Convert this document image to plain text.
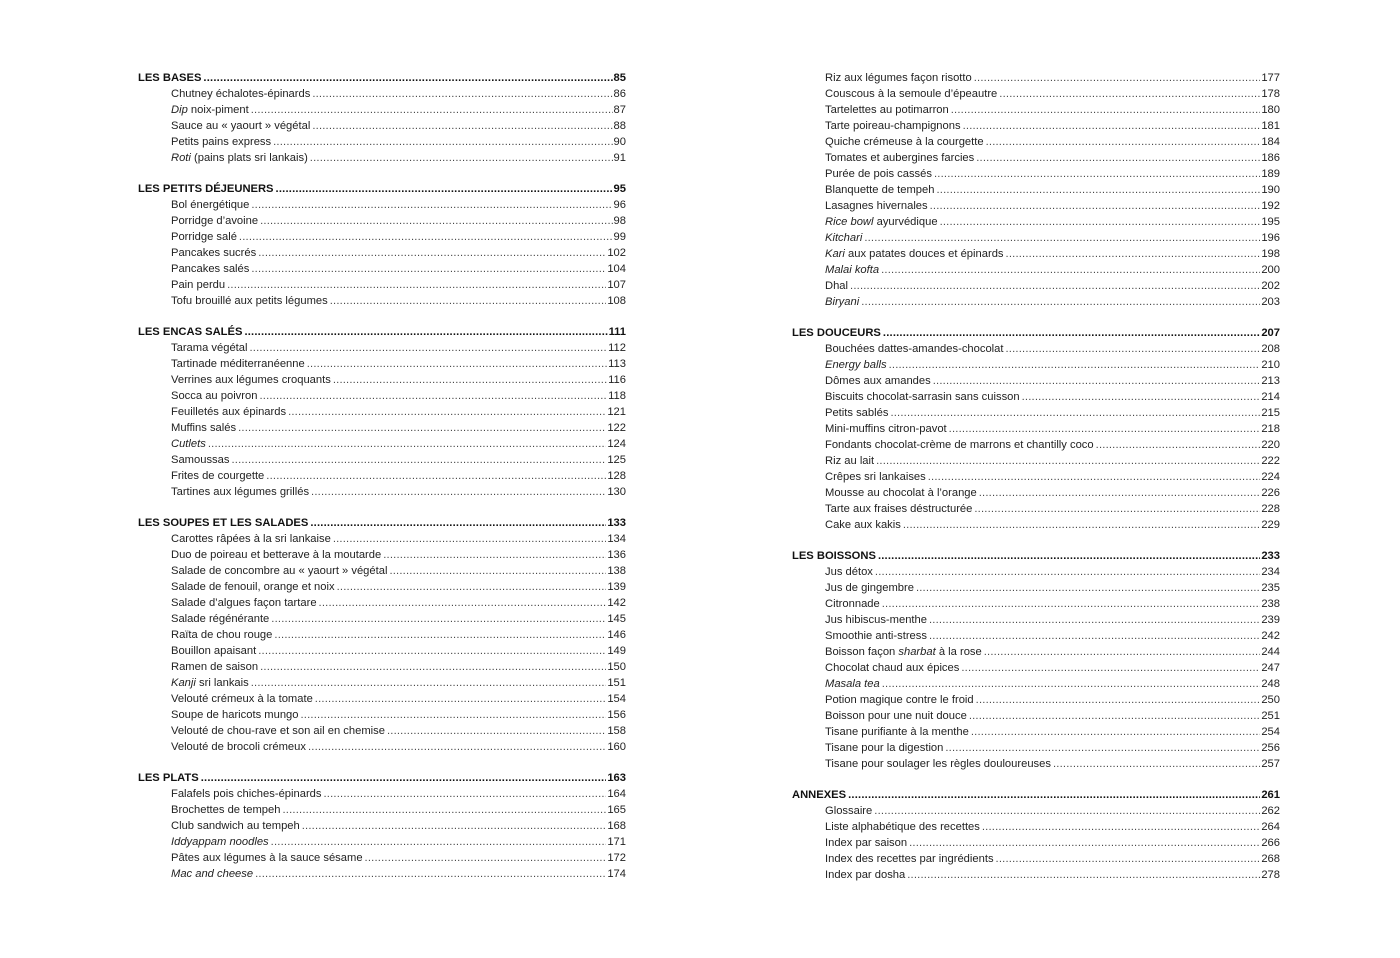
LES BASES .....	85
Chutney échalotes-épinards .....	86
Dip noix-piment .....	87
Sauce au « yaourt » végétal .....	88
Petits pains express .....	90
Roti (pains plats sri lankais) .....	91
LES PETITS DÉJEUNERS .....	95
Bol énergétique .....	96
Porridge d’avoine .....	98
Porridge salé .....	99
Pancakes sucrés .....	102
Pancakes salés .....	104
Pain perdu .....	107
Tofu brouillé aux petits légumes .....	108
LES ENCAS SALÉS .....	111
Tarama végétal .....	112
Tartinade méditerranéenne .....	113
Verrines aux légumes croquants .....	116
Socca au poivron .....	118
Feuilletés aux épinards .....	121
Muffins salés .....	122
Cutlets .....	124
Samoussas .....	125
Frites de courgette .....	128
Tartines aux légumes grillés .....	130
LES SOUPES ET LES SALADES .....	133
Carottes râpées à la sri lankaise .....	134
Duo de poireau et betterave à la moutarde .....	136
Salade de concombre au « yaourt » végétal .....	138
Salade de fenouil, orange et noix .....	139
Salade d’algues façon tartare .....	142
Salade régénérante .....	145
Raïta de chou rouge .....	146
Bouillon apaisant .....	149
Ramen de saison .....	150
Kanji sri lankais .....	151
Velouté crémeux à la tomate .....	154
Soupe de haricots mungo .....	156
Velouté de chou-rave et son ail en chemise .....	158
Velouté de brocoli crémeux .....	160
LES PLATS .....	163
Falafels pois chiches-épinards .....	164
Brochettes de tempeh .....	165
Club sandwich au tempeh .....	168
Iddyappam noodles .....	171
Pâtes aux légumes à la sauce sésame .....	172
Mac and cheese .....	174
Riz aux légumes façon risotto .....	177
Couscous à la semoule d’épeautre .....	178
Tartelettes au potimarron .....	180
Tarte poireau-champignons .....	181
Quiche crémeuse à la courgette .....	184
Tomates et aubergines farcies .....	186
Purée de pois cassés .....	189
Blanquette de tempeh .....	190
Lasagnes hivernales .....	192
Rice bowl ayurvédique .....	195
Kitchari .....	196
Kari aux patates douces et épinards .....	198
Malai kofta .....	200
Dhal .....	202
Biryani .....	203
LES DOUCEURS .....	207
Bouchées dattes-amandes-chocolat .....	208
Energy balls .....	210
Dômes aux amandes .....	213
Biscuits chocolat-sarrasin sans cuisson .....	214
Petits sablés .....	215
Mini-muffins citron-pavot .....	218
Fondants chocolat-crème de marrons et chantilly coco .....	220
Riz au lait .....	222
Crêpes sri lankaises .....	224
Mousse au chocolat à l’orange .....	226
Tarte aux fraises déstructurée .....	228
Cake aux kakis .....	229
LES BOISSONS .....	233
Jus détox .....	234
Jus de gingembre .....	235
Citronnade .....	238
Jus hibiscus-menthe .....	239
Smoothie anti-stress .....	242
Boisson façon sharbat à la rose .....	244
Chocolat chaud aux épices .....	247
Masala tea .....	248
Potion magique contre le froid .....	250
Boisson pour une nuit douce .....	251
Tisane purifiante à la menthe .....	254
Tisane pour la digestion .....	256
Tisane pour soulager les règles douloureuses .....	257
ANNEXES .....	261
Glossaire .....	262
Liste alphabétique des recettes .....	264
Index par saison .....	266
Index des recettes par ingrédients .....	268
Index par dosha .....	278
